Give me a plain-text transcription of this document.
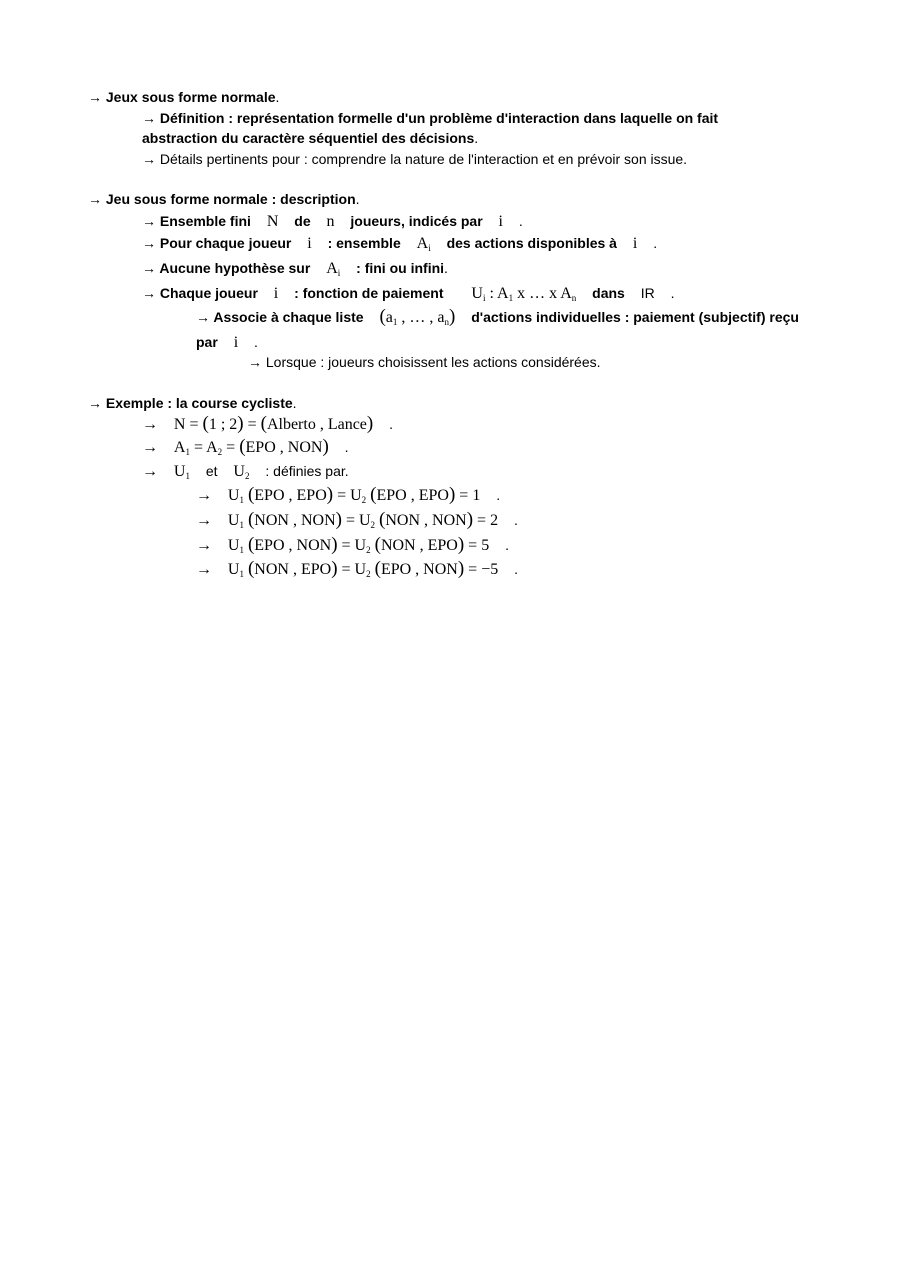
→ Jeux sous forme normale.
→ Définition : représentation formelle d'un problème d'interaction dans laquelle on fait
abstraction du caractère séquentiel des décisions.
→ Détails pertinents pour : comprendre la nature de l'interaction et en prévoir son issue.
→ Jeu sous forme normale : description.
→ Ensemble fini N de n joueurs, indicés par i .
→ Pour chaque joueur i : ensemble $A_i$ des actions disponibles à i .
→ Aucune hypothèse sur $A_i$ : fini ou infini.
→ Chaque joueur i : fonction de paiement $U_i$ : $A_1$ x … x $A_n$ dans IR .
→ Associe à chaque liste ($a_1$ , … , $a_n$) d'actions individuelles : paiement (subjectif) reçu
par i .
→ Lorsque : joueurs choisissent les actions considérées.
→ Exemple : la course cycliste.
→ N = (1 ; 2) = (Alberto , Lance) .
→ $A_1 = A_2 = (EPO$ , NON) .
→ $U_1$ et $U_2$ : définies par.
→ $U_1$ (EPO , $EPO) = U_2$ (EPO , EPO) = 1 .
→ $U_1$ (NON , $NON) = U_2$ (NON , NON) = 2 .
→ $U_1$ (EPO , $NON) = U_2$ (NON , EPO) = 5 .
→ $U_1$ (NON , $EPO) = U_2$ (EPO , NON) = −5 .
